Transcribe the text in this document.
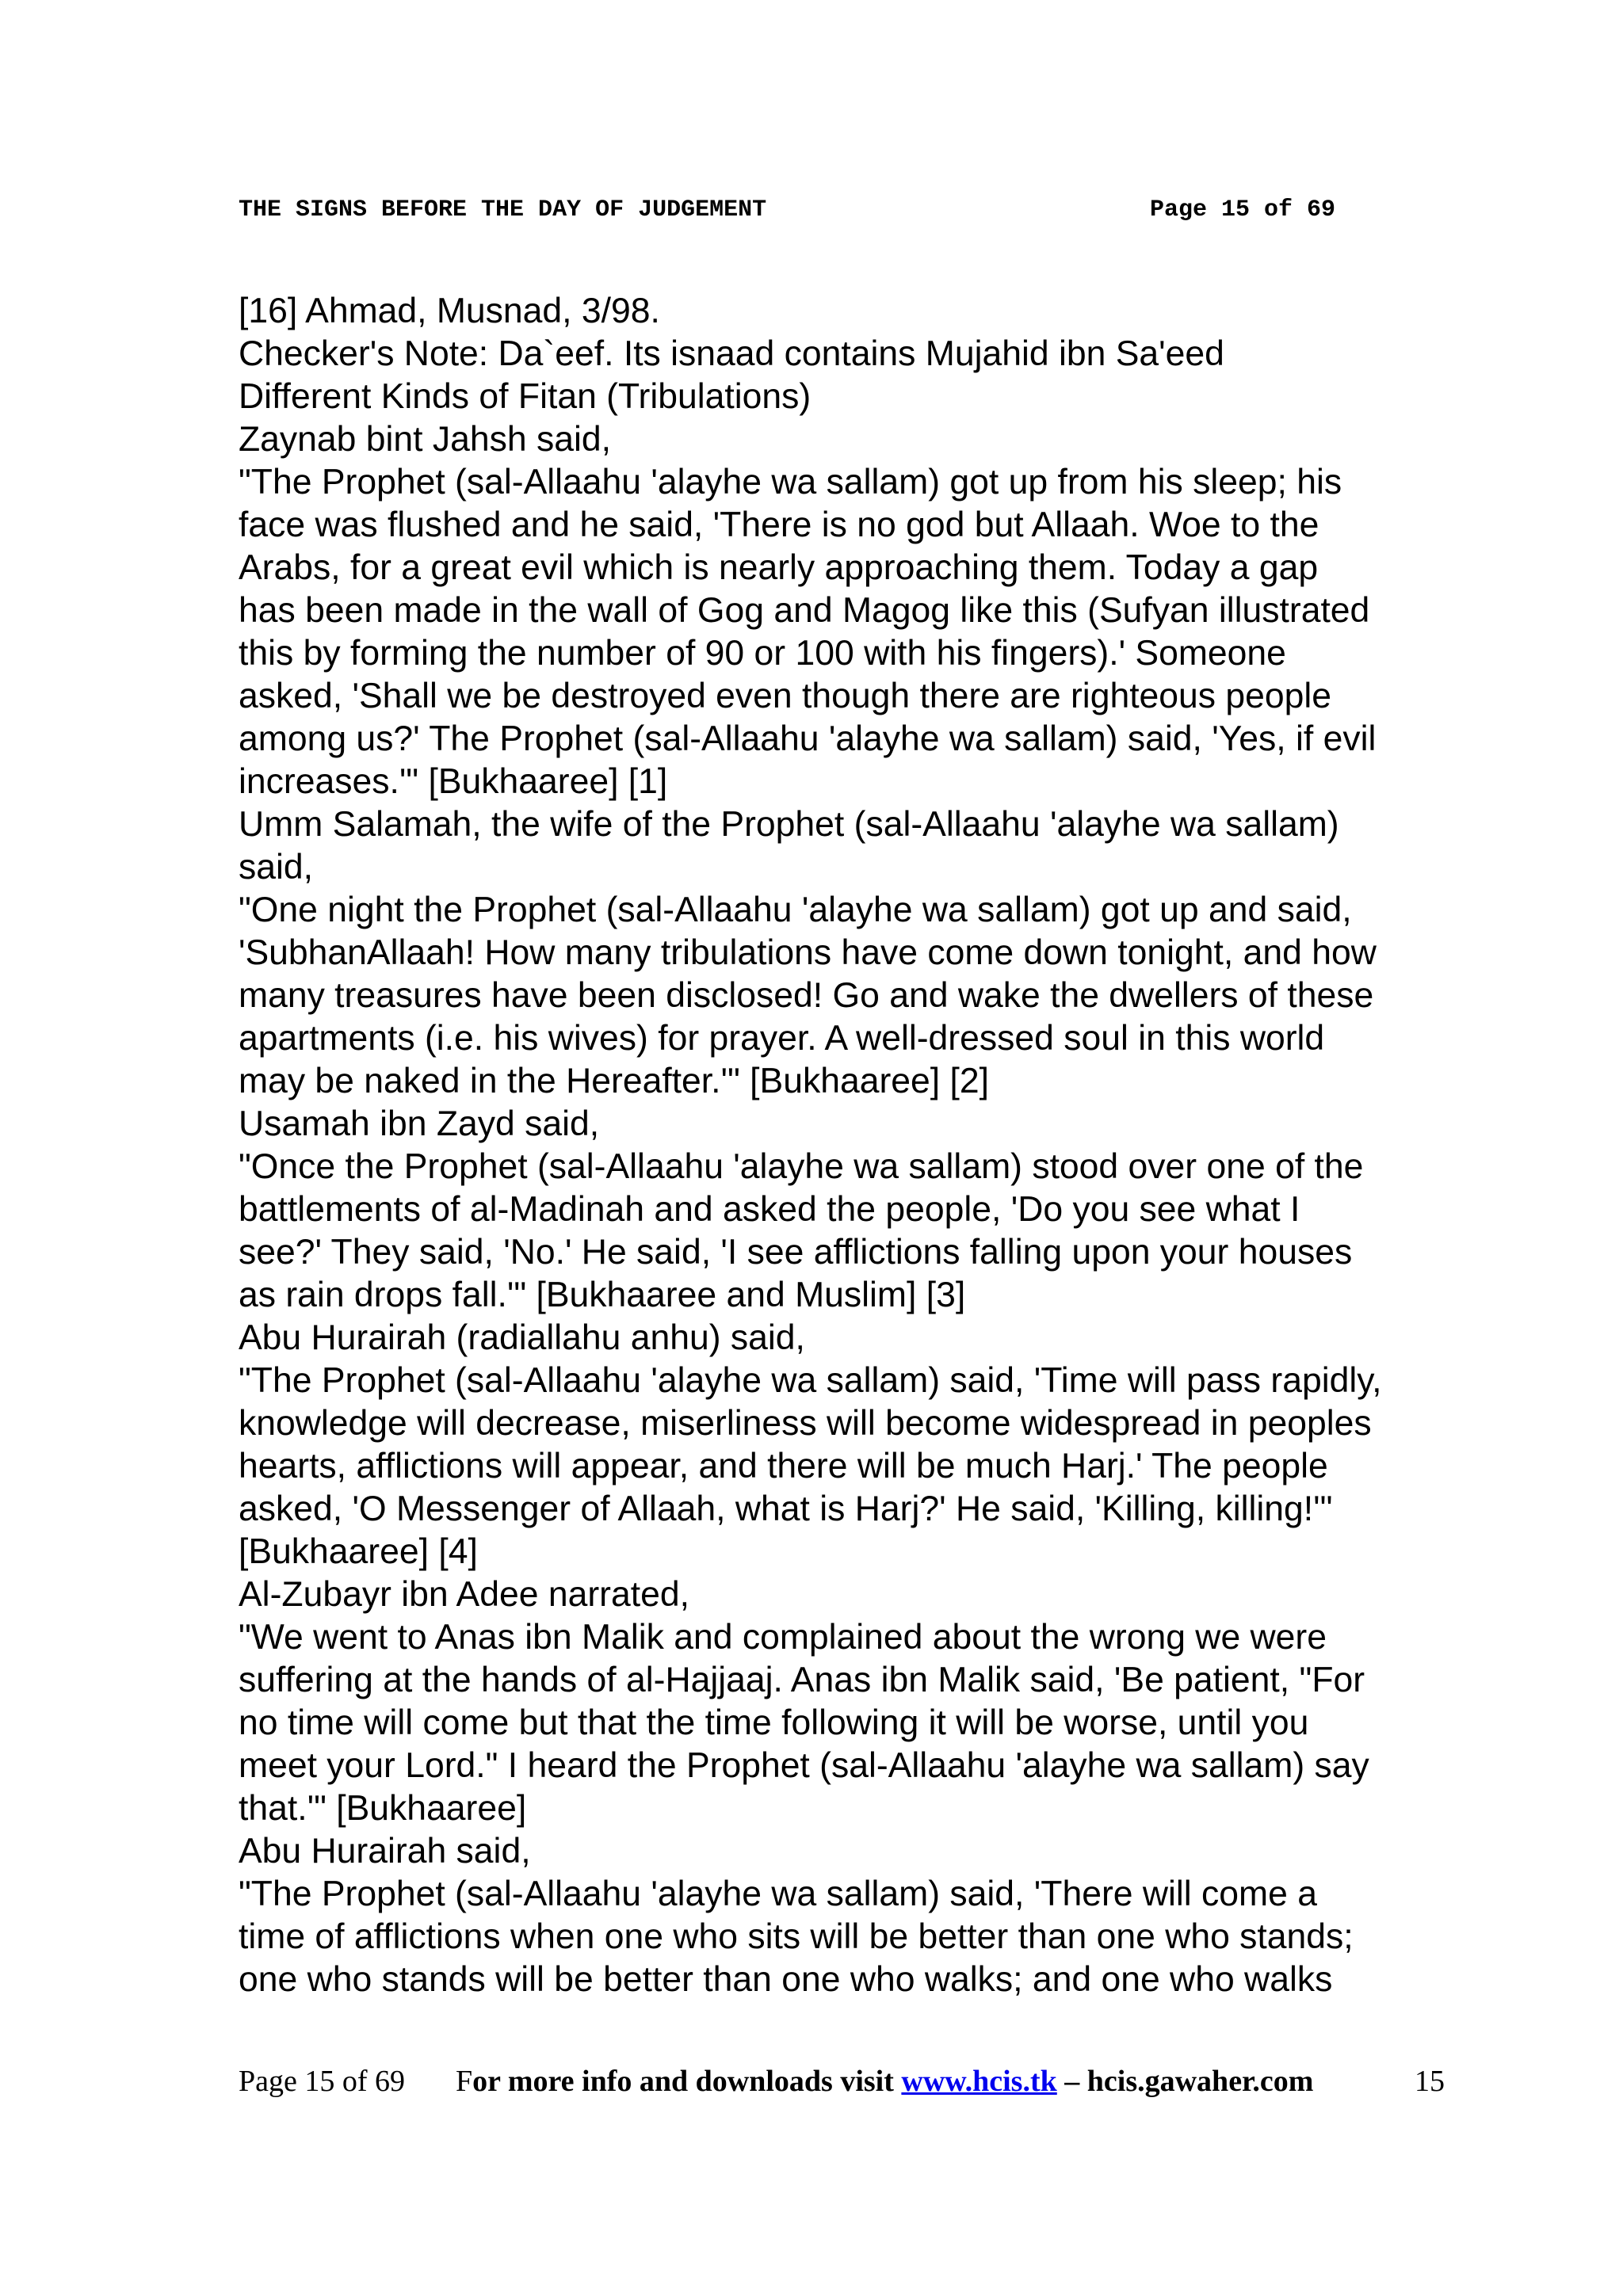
THE SIGNS BEFORE THE DAY OF JUDGEMENT	Page 15 of 69
[16] Ahmad, Musnad, 3/98.
Checker's Note: Da`eef. Its isnaad contains Mujahid ibn Sa'eed
Different Kinds of Fitan (Tribulations)
Zaynab bint Jahsh said,
"The Prophet (sal-Allaahu 'alayhe wa sallam) got up from his sleep; his
face was flushed and he said, 'There is no god but Allaah. Woe to the
Arabs, for a great evil which is nearly approaching them. Today a gap
has been made in the wall of Gog and Magog like this (Sufyan illustrated
this by forming the number of 90 or 100 with his fingers).' Someone
asked, 'Shall we be destroyed even though there are righteous people
among us?' The Prophet (sal-Allaahu 'alayhe wa sallam) said, 'Yes, if evil
increases.'" [Bukhaaree] [1]
Umm Salamah, the wife of the Prophet (sal-Allaahu 'alayhe wa sallam)
said,
"One night the Prophet (sal-Allaahu 'alayhe wa sallam) got up and said,
'SubhanAllaah! How many tribulations have come down tonight, and how
many treasures have been disclosed! Go and wake the dwellers of these
apartments (i.e. his wives) for prayer. A well-dressed soul in this world
may be naked in the Hereafter.'" [Bukhaaree] [2]
Usamah ibn Zayd said,
"Once the Prophet (sal-Allaahu 'alayhe wa sallam) stood over one of the
battlements of al-Madinah and asked the people, 'Do you see what I
see?' They said, 'No.' He said, 'I see afflictions falling upon your houses
as rain drops fall.'" [Bukhaaree and Muslim] [3]
Abu Hurairah (radiallahu anhu) said,
"The Prophet (sal-Allaahu 'alayhe wa sallam) said, 'Time will pass rapidly,
knowledge will decrease, miserliness will become widespread in peoples
hearts, afflictions will appear, and there will be much Harj.' The people
asked, 'O Messenger of Allaah, what is Harj?' He said, 'Killing, killing!'"
[Bukhaaree] [4]
Al-Zubayr ibn Adee narrated,
"We went to Anas ibn Malik and complained about the wrong we were
suffering at the hands of al-Hajjaaj. Anas ibn Malik said, 'Be patient, "For
no time will come but that the time following it will be worse, until you
meet your Lord." I heard the Prophet (sal-Allaahu 'alayhe wa sallam) say
that.'" [Bukhaaree]
Abu Hurairah said,
"The Prophet (sal-Allaahu 'alayhe wa sallam) said, 'There will come a
time of afflictions when one who sits will be better than one who stands;
one who stands will be better than one who walks; and one who walks
Page 15 of 69 For more info and downloads visit www.hcis.tk – hcis.gawaher.com	15
